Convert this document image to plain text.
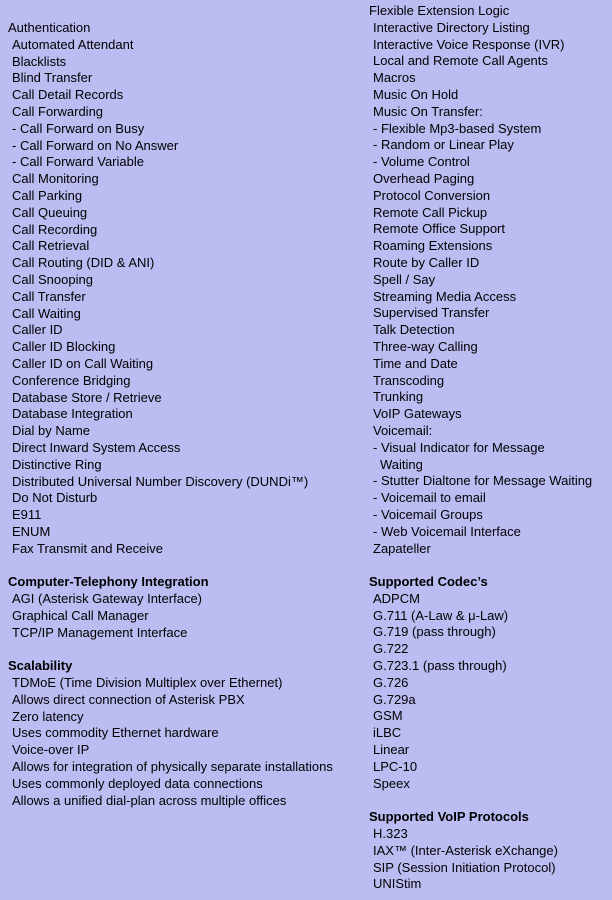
Authentication
Automated Attendant
Blacklists
Blind Transfer
Call Detail Records
Call Forwarding
- Call Forward on Busy
- Call Forward on No Answer
- Call Forward Variable
Call Monitoring
Call Parking
Call Queuing
Call Recording
Call Retrieval
Call Routing (DID & ANI)
Call Snooping
Call Transfer
Call Waiting
Caller ID
Caller ID Blocking
Caller ID on Call Waiting
Conference Bridging
Database Store / Retrieve
Database Integration
Dial by Name
Direct Inward System Access
Distinctive Ring
Distributed Universal Number Discovery (DUNDi™)
Do Not Disturb
E911
ENUM
Fax Transmit and Receive
Computer-Telephony Integration
AGI (Asterisk Gateway Interface)
Graphical Call Manager
TCP/IP Management Interface
Scalability
TDMoE (Time Division Multiplex over Ethernet)
Allows direct connection of Asterisk PBX
Zero latency
Uses commodity Ethernet hardware
Voice-over IP
Allows for integration of physically separate installations
Uses commonly deployed data connections
Allows a unified dial-plan across multiple offices
Flexible Extension Logic
Interactive Directory Listing
Interactive Voice Response (IVR)
Local and Remote Call Agents
Macros
Music On Hold
Music On Transfer:
- Flexible Mp3-based System
- Random or Linear Play
- Volume Control
Overhead Paging
Protocol Conversion
Remote Call Pickup
Remote Office Support
Roaming Extensions
Route by Caller ID
Spell / Say
Streaming Media Access
Supervised Transfer
Talk Detection
Three-way Calling
Time and Date
Transcoding
Trunking
VoIP Gateways
Voicemail:
- Visual Indicator for Message
Waiting
- Stutter Dialtone for Message Waiting
- Voicemail to email
- Voicemail Groups
- Web Voicemail Interface
Zapateller
Supported Codec’s
ADPCM
G.711 (A-Law & μ-Law)
G.719 (pass through)
G.722
G.723.1 (pass through)
G.726
G.729a
GSM
iLBC
Linear
LPC-10
Speex
Supported VoIP Protocols
H.323
IAX™ (Inter-Asterisk eXchange)
SIP (Session Initiation Protocol)
UNIStim
